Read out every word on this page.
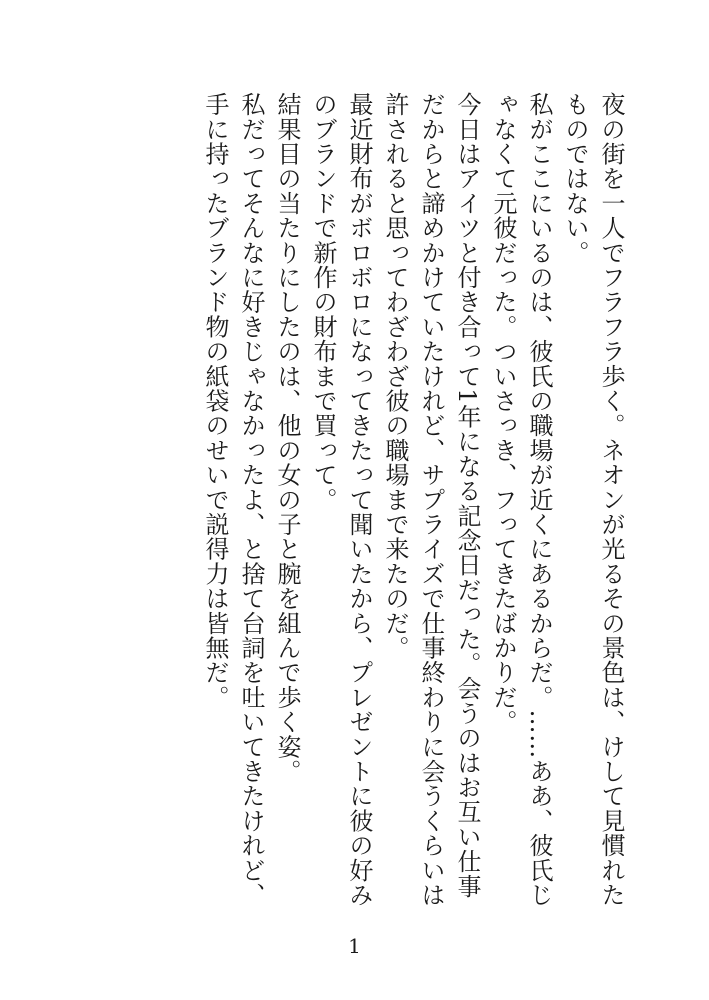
夜の街を一人でフラフラ歩く。ネオンが光るその景色は、けして見慣れたものではない。

私がここにいるのは、彼氏の職場が近くにあるからだ。……ああ、彼氏じゃなくて元彼だった。ついさっき、フってきたばかりだ。

今日はアイツと付き合って1年になる記念日だった。会うのはお互い仕事だからと諦めかけていたけれど、サプライズで仕事終わりに会うくらいは許されると思ってわざわざ彼の職場まで来たのだ。

最近財布がボロボロになってきたって聞いたから、プレゼントに彼の好みのブランドで新作の財布まで買って。

結果目の当たりにしたのは、他の女の子と腕を組んで歩く姿。

私だってそんなに好きじゃなかったよ、と捨て台詞を吐いてきたけれど、手に持ったブランド物の紙袋のせいで説得力は皆無だ。

1
